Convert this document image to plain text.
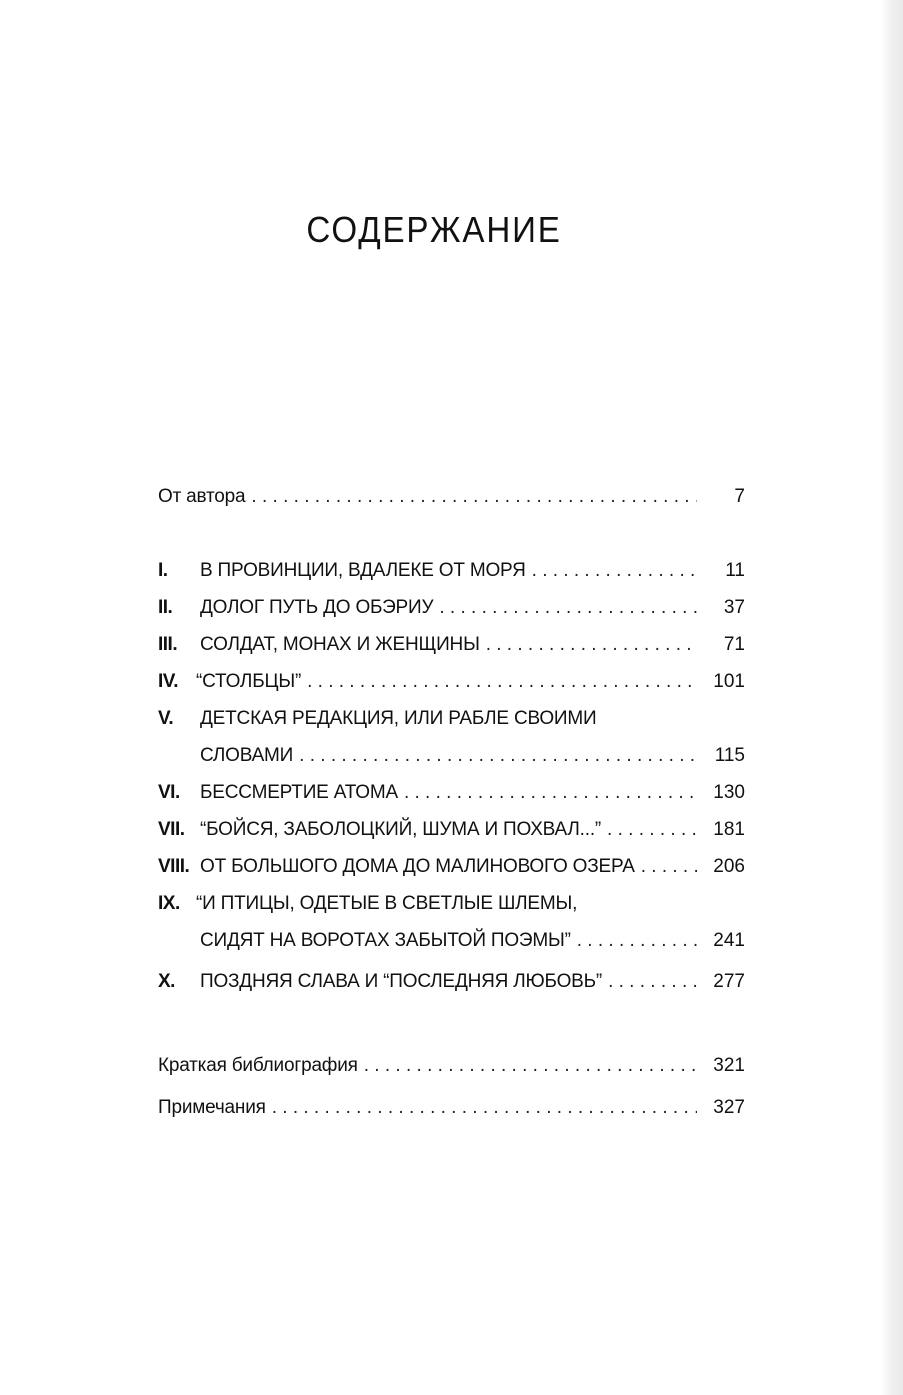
СОДЕРЖАНИЕ
От автора . . .	7
I. В ПРОВИНЦИИ, ВДАЛЕКЕ ОТ МОРЯ . . .	11
II. ДОЛОГ ПУТЬ ДО ОБЭРИУ . . .	37
III. СОЛДАТ, МОНАХ И ЖЕНЩИНЫ . . .	71
IV. “СТОЛБЦЫ” . . .	101
V. ДЕТСКАЯ РЕДАКЦИЯ, ИЛИ РАБЛЕ СВОИМИ
СЛОВАМИ . . .	115
VI. БЕССМЕРТИЕ АТОМА . . .	130
VII. “БОЙСЯ, ЗАБОЛОЦКИЙ, ШУМА И ПОХВАЛ...” . . .	181
VIII. ОТ БОЛЬШОГО ДОМА ДО МАЛИНОВОГО ОЗЕРА . . .	206
IX. “И ПТИЦЫ, ОДЕТЫЕ В СВЕТЛЫЕ ШЛЕМЫ,
СИДЯТ НА ВОРОТАХ ЗАБЫТОЙ ПОЭМЫ” . . .	241
X. ПОЗДНЯЯ СЛАВА И “ПОСЛЕДНЯЯ ЛЮБОВЬ” . . .	277
Краткая библиография . . .	321
Примечания . . .	327
